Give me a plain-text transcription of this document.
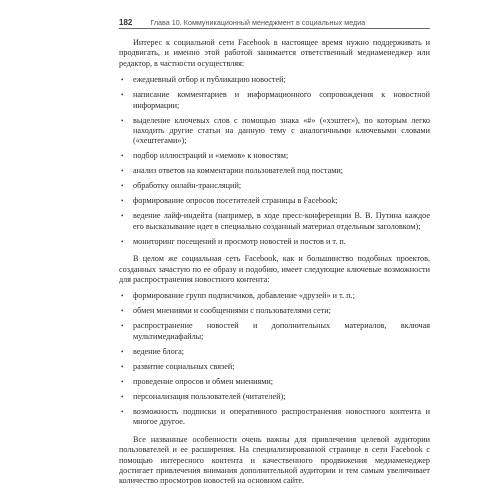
182	Глава 10. Коммуникационный менеджмент в социальных медиа

Интерес к социальной сети Facebook в настоящее время нужно поддерживать и продвигать, и именно этой работой занимается ответственный медиаменеджер или редактор, в частности осуществляя:

• ежедневный отбор и публикацию новостей;
• написание комментариев и информационного сопровождения к новостной информации;
• выделение ключевых слов с помощью знака «#» («хэштег»), по которым легко находить другие статьи на данную тему с аналогичными ключевыми словами («хештегами»);
• подбор иллюстраций и «мемов» к новостям;
• анализ ответов на комментарии пользователей под постами;
• обработку онлайн-трансляций;
• формирование опросов посетителей страницы в Facebook;
• ведение лайф-индейта (например, в ходе пресс-конференции В. В. Путина каждое его высказывание идет в специально созданный материал отдельным заголовком);
• мониторинг посещений и просмотр новостей и постов и т. п.

В целом же социальная сеть Facebook, как и большинство подобных проектов, созданных зачастую по ее образу и подобию, имеет следующие ключевые возможности для распространения новостного контента:

• формирование групп подписчиков, добавление «друзей» и т. п.;
• обмен мнениями и сообщениями с пользователями сети;
• распространение новостей и дополнительных материалов, включая мультимедиафайлы;
• ведение блога;
• развитие социальных связей;
• проведение опросов и обмен мнениями;
• персонализация пользователей (читателей);
• возможность подписки и оперативного распространения новостного контента и многое другое.

Все названные особенности очень важны для привлечения целевой аудитории пользователей и ее расширения. На специализированной странице в сети Facebook с помощью интересного контента и качественного продвижения медиаменеджер достигает привлечения внимания дополнительной аудитории и тем самым увеличивает количество просмотров новостей на основном сайте.
